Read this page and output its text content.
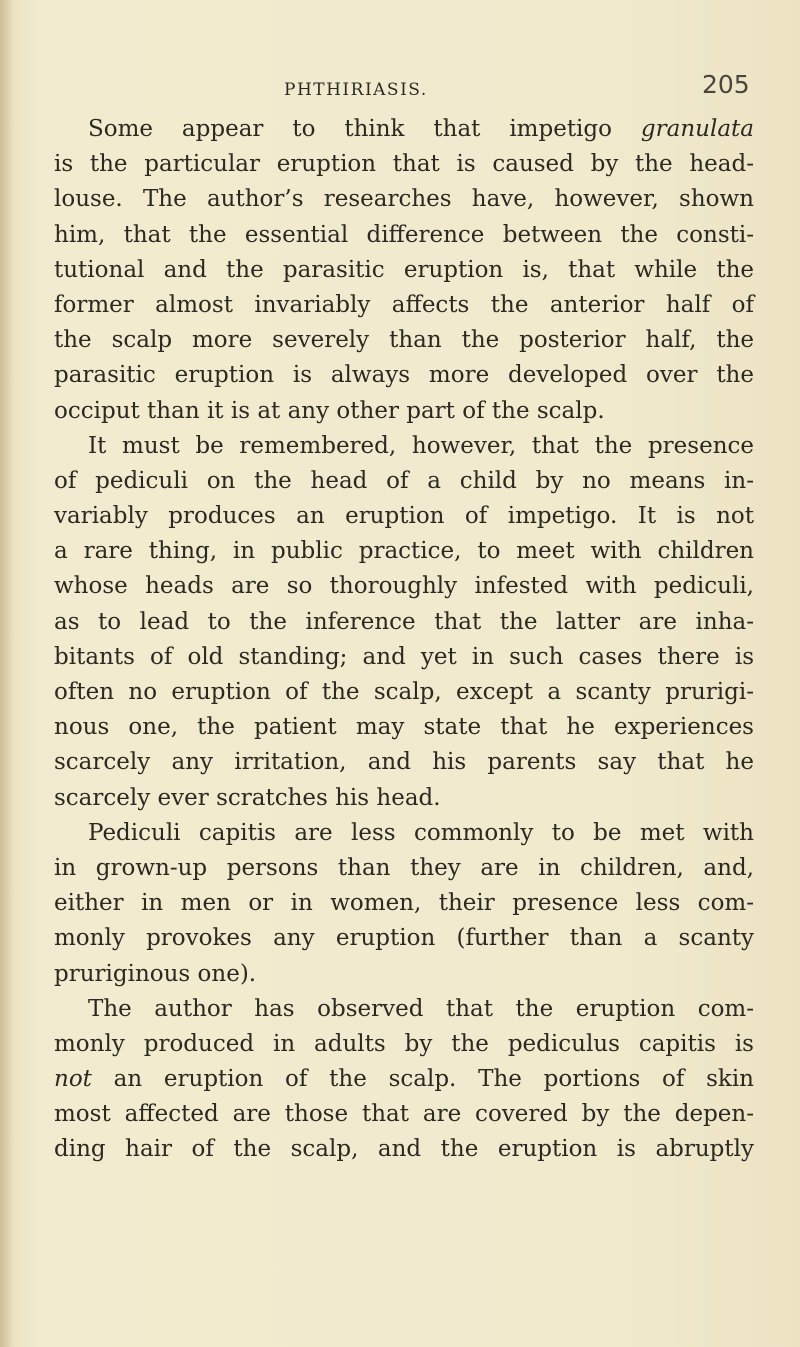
PHTHIRIASIS.	205
Some appear to think that impetigo granulata
is the particular eruption that is caused by the head-
louse. The author’s researches have, however, shown
him, that the essential difference between the consti-
tutional and the parasitic eruption is, that while the
former almost invariably affects the anterior half of
the scalp more severely than the posterior half, the
parasitic eruption is always more developed over the
occiput than it is at any other part of the scalp.
It must be remembered, however, that the presence
of pediculi on the head of a child by no means in-
variably produces an eruption of impetigo. It is not
a rare thing, in public practice, to meet with children
whose heads are so thoroughly infested with pediculi,
as to lead to the inference that the latter are inha-
bitants of old standing; and yet in such cases there is
often no eruption of the scalp, except a scanty prurigi-
nous one, the patient may state that he experiences
scarcely any irritation, and his parents say that he
scarcely ever scratches his head.
Pediculi capitis are less commonly to be met with
in grown-up persons than they are in children, and,
either in men or in women, their presence less com-
monly provokes any eruption (further than a scanty
pruriginous one).
The author has observed that the eruption com-
monly produced in adults by the pediculus capitis is
not an eruption of the scalp. The portions of skin
most affected are those that are covered by the depen-
ding hair of the scalp, and the eruption is abruptly
